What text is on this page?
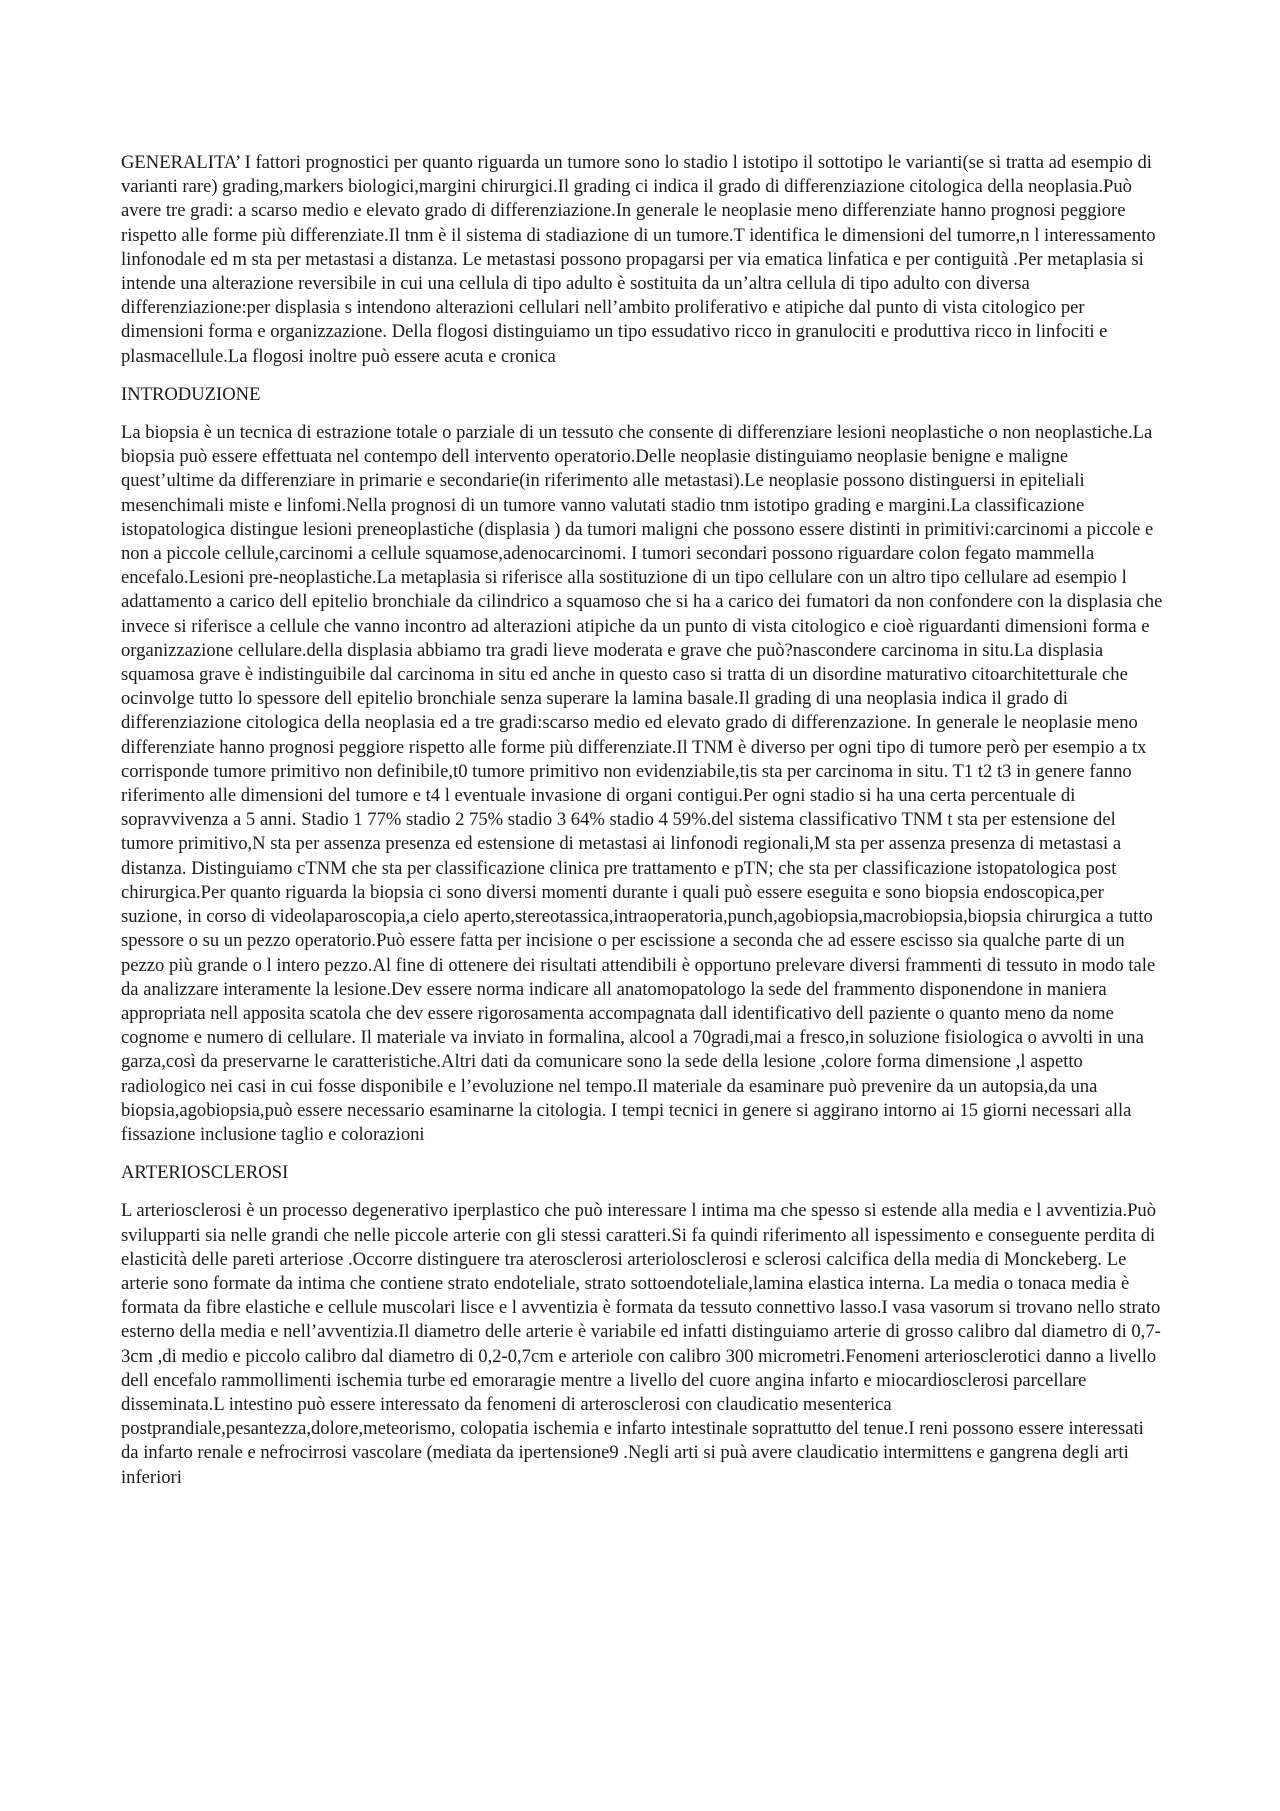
GENERALITA’ I fattori prognostici per quanto riguarda un tumore sono lo stadio l istotipo il sottotipo le varianti(se si tratta ad esempio di varianti rare) grading,markers biologici,margini chirurgici.Il grading ci indica il grado di differenziazione citologica della neoplasia.Può avere tre gradi: a scarso medio e elevato grado di differenziazione.In generale le neoplasie meno differenziate hanno prognosi peggiore rispetto alle forme più differenziate.Il tnm è il sistema di stadiazione di un tumore.T identifica le dimensioni del tumorre,n l interessamento linfonodale ed m sta per metastasi a distanza. Le metastasi possono propagarsi per via ematica linfatica e per contiguità .Per metaplasia si intende una alterazione reversibile in cui una cellula di tipo adulto è sostituita da un’altra cellula di tipo adulto con diversa differenziazione:per displasia s intendono alterazioni cellulari nell’ambito proliferativo e atipiche dal punto di vista citologico per dimensioni forma e organizzazione. Della flogosi distinguiamo un tipo essudativo ricco in granulociti e produttiva ricco in linfociti e plasmacellule.La flogosi inoltre può essere acuta e cronica

INTRODUZIONE

La biopsia è un tecnica di estrazione totale o parziale di un tessuto che consente di differenziare lesioni neoplastiche o non neoplastiche.La biopsia può essere effettuata nel contempo dell intervento operatorio.Delle neoplasie distinguiamo neoplasie benigne e maligne quest’ultime da differenziare in primarie e secondarie(in riferimento alle metastasi).Le neoplasie possono distinguersi in epiteliali mesenchimali miste e linfomi.Nella prognosi di un tumore vanno valutati stadio tnm istotipo grading e margini.La classificazione istopatologica distingue lesioni preneoplastiche (displasia ) da tumori maligni che possono essere distinti in primitivi:carcinomi a piccole e non a piccole cellule,carcinomi a cellule squamose,adenocarcinomi. I tumori secondari possono riguardare colon fegato mammella encefalo.Lesioni pre-neoplastiche.La metaplasia si riferisce alla sostituzione di un tipo cellulare con un altro tipo cellulare ad esempio l adattamento a carico dell epitelio bronchiale da cilindrico a squamoso che si ha a carico dei fumatori da non confondere con la displasia che invece si riferisce a cellule che vanno incontro ad alterazioni atipiche da un punto di vista citologico e cioè riguardanti dimensioni forma e organizzazione cellulare.della displasia abbiamo tra gradi lieve moderata e grave che può?nascondere carcinoma in situ.La displasia squamosa grave è indistinguibile dal carcinoma in situ ed anche in questo caso si tratta di un disordine maturativo citoarchitetturale che ocinvolge tutto lo spessore dell epitelio bronchiale senza superare la lamina basale.Il grading di una neoplasia indica il grado di differenziazione citologica della neoplasia ed a tre gradi:scarso medio ed elevato grado di differenzazione. In generale le neoplasie meno differenziate hanno prognosi peggiore rispetto alle forme più differenziate.Il TNM è diverso per ogni tipo di tumore però per esempio a tx corrisponde tumore primitivo non definibile,t0 tumore primitivo non evidenziabile,tis sta per carcinoma in situ. T1 t2 t3 in genere fanno riferimento alle dimensioni del tumore e t4 l eventuale invasione di organi contigui.Per ogni stadio si ha una certa percentuale di sopravvivenza a 5 anni. Stadio 1 77% stadio 2 75% stadio 3 64% stadio 4 59%.del sistema classificativo TNM t sta per estensione del tumore primitivo,N sta per assenza presenza ed estensione di metastasi ai linfonodi regionali,M sta per assenza presenza di metastasi a distanza. Distinguiamo cTNM che sta per classificazione clinica pre trattamento e pTN; che sta per classificazione istopatologica post chirurgica.Per quanto riguarda la biopsia ci sono diversi momenti durante i quali può essere eseguita e sono biopsia endoscopica,per suzione, in corso di videolaparoscopia,a cielo aperto,stereotassica,intraoperatoria,punch,agobiopsia,macrobiopsia,biopsia chirurgica a tutto spessore o su un pezzo operatorio.Può essere fatta per incisione o per escissione a seconda che ad essere escisso sia qualche parte di un pezzo più grande o l intero pezzo.Al fine di ottenere dei risultati attendibili è opportuno prelevare diversi frammenti di tessuto in modo tale da analizzare interamente la lesione.Dev essere norma indicare all anatomopatologo la sede del frammento disponendone in maniera appropriata nell apposita scatola che dev essere rigorosamenta accompagnata dall identificativo dell paziente o quanto meno da nome cognome e numero di cellulare. Il materiale va inviato in formalina, alcool a 70gradi,mai a fresco,in soluzione fisiologica o avvolti in una garza,così da preservarne le caratteristiche.Altri dati da comunicare sono la sede della lesione ,colore forma dimensione ,l aspetto radiologico nei casi in cui fosse disponibile e l’evoluzione nel tempo.Il materiale da esaminare può prevenire da un autopsia,da una biopsia,agobiopsia,può essere necessario esaminarne la citologia. I tempi tecnici in genere si aggirano intorno ai 15 giorni necessari alla fissazione inclusione taglio e colorazioni

ARTERIOSCLEROSI

L arteriosclerosi è un processo degenerativo iperplastico che può interessare l intima ma che spesso si estende alla media e l avventizia.Può svilupparti sia nelle grandi che nelle piccole arterie con gli stessi caratteri.Si fa quindi riferimento all ispessimento e conseguente perdita di elasticità delle pareti arteriose .Occorre distinguere tra aterosclerosi arteriolosclerosi e sclerosi calcifica della media di Monckeberg. Le arterie sono formate da intima che contiene strato endoteliale, strato sottoendoteliale,lamina elastica interna. La media o tonaca media è formata da fibre elastiche e cellule muscolari lisce e l avventizia è formata da tessuto connettivo lasso.I vasa vasorum si trovano nello strato esterno della media e nell’avventizia.Il diametro delle arterie è variabile ed infatti distinguiamo arterie di grosso calibro dal diametro di 0,7-3cm ,di medio e piccolo calibro dal diametro di 0,2-0,7cm e arteriole con calibro 300 micrometri.Fenomeni arteriosclerotici danno a livello dell encefalo rammollimenti ischemia turbe ed emoraragie mentre a livello del cuore angina infarto e miocardiosclerosi parcellare disseminata.L intestino può essere interessato da fenomeni di arterosclerosi con claudicatio mesenterica postprandiale,pesantezza,dolore,meteorismo, colopatia ischemia e infarto intestinale soprattutto del tenue.I reni possono essere interessati da infarto renale e nefrocirrosi vascolare (mediata da ipertensione9 .Negli arti si puà avere claudicatio intermittens e gangrena degli arti inferiori
